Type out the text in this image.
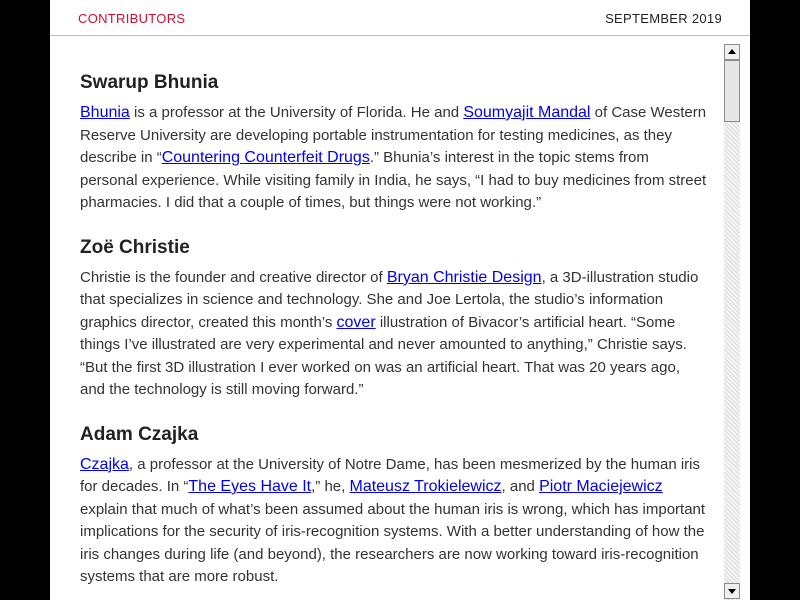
CONTRIBUTORS	SEPTEMBER 2019
Swarup Bhunia

Bhunia is a professor at the University of Florida. He and Soumyajit Mandal of Case Western Reserve University are developing portable instrumentation for testing medicines, as they describe in “Countering Counterfeit Drugs.” Bhunia’s interest in the topic stems from personal experience. While visiting family in India, he says, “I had to buy medicines from street pharmacies. I did that a couple of times, but things were not working.”

Zoë Christie

Christie is the founder and creative director of Bryan Christie Design, a 3D-illustration studio that specializes in science and technology. She and Joe Lertola, the studio’s information graphics director, created this month’s cover illustration of Bivacor’s artificial heart. “Some things I’ve illustrated are very experimental and never amounted to anything,” Christie says. “But the first 3D illustration I ever worked on was an artificial heart. That was 20 years ago, and the technology is still moving forward.”

Adam Czajka

Czajka, a professor at the University of Notre Dame, has been mesmerized by the human iris for decades. In “The Eyes Have It,” he, Mateusz Trokielewicz, and Piotr Maciejewicz explain that much of what’s been assumed about the human iris is wrong, which has important implications for the security of iris-recognition systems. With a better understanding of how the iris changes during life (and beyond), the researchers are now working toward iris-recognition systems that are more robust.
